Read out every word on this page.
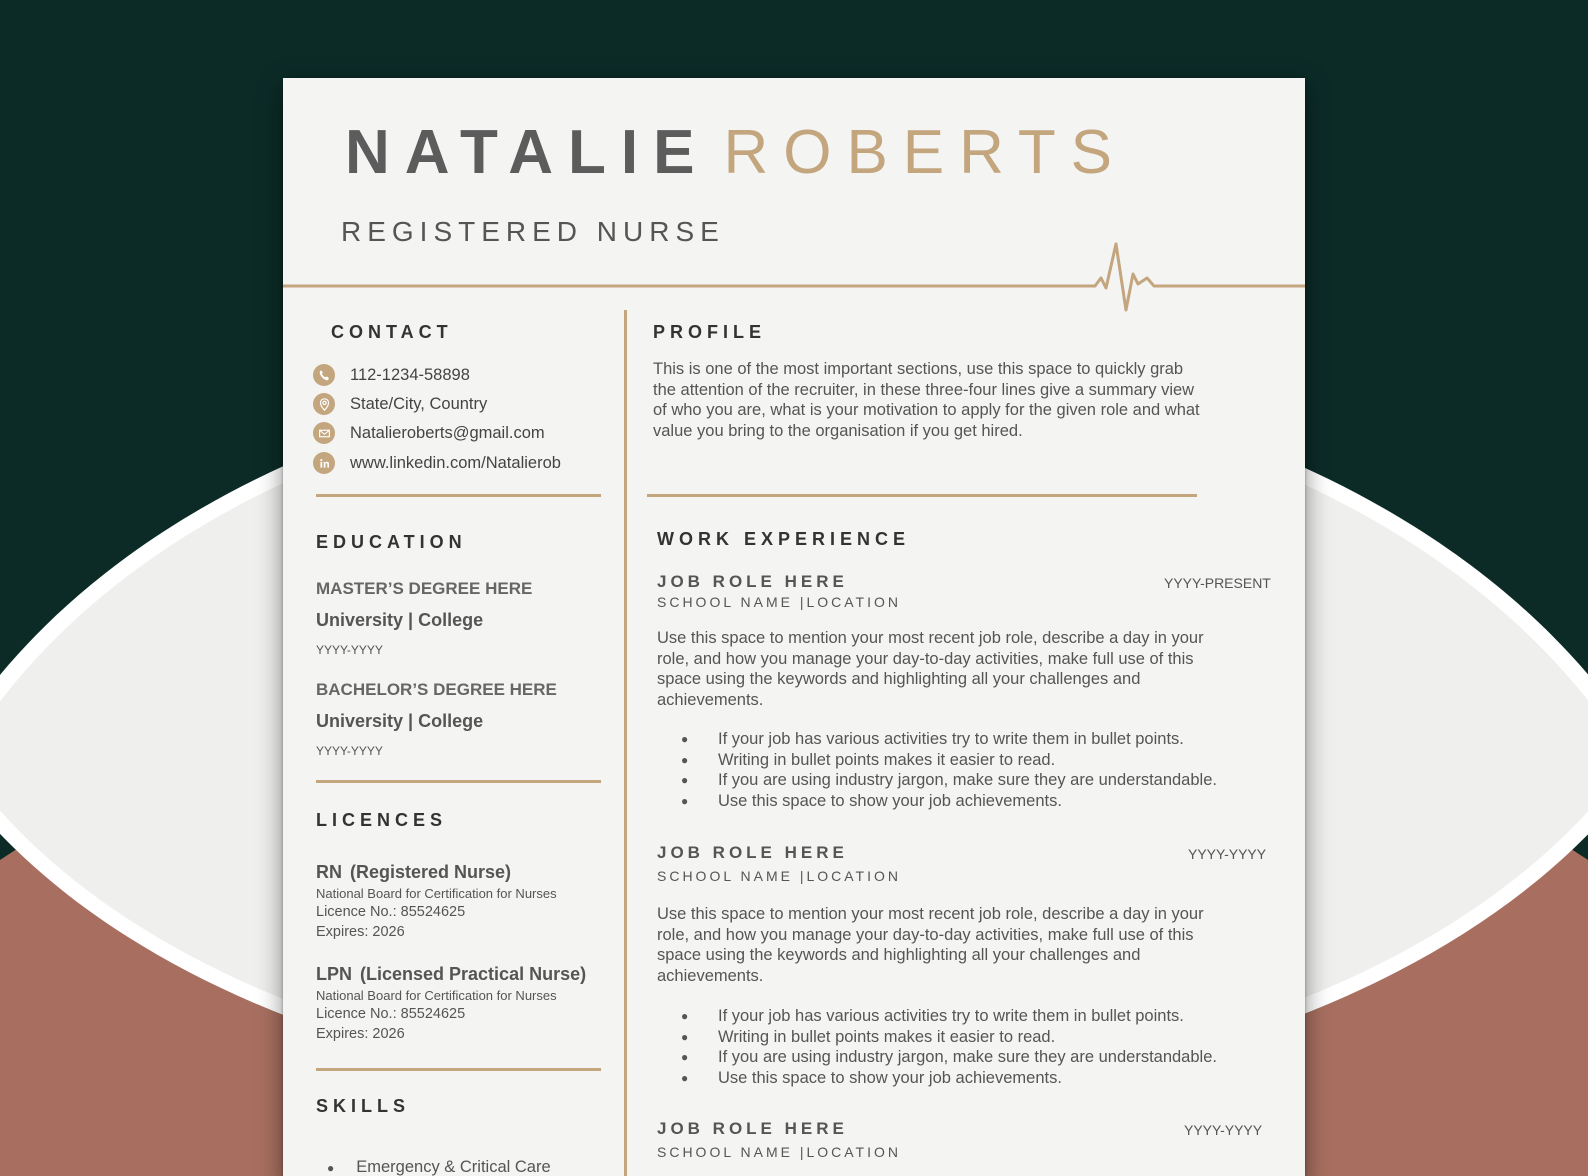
NATALIE ROBERTS
REGISTERED NURSE
CONTACT
112-1234-58898
State/City, Country
Natalieroberts@gmail.com
www.linkedin.com/Natalierob
EDUCATION
MASTER’S DEGREE HERE
University | College
YYYY-YYYY
BACHELOR’S DEGREE HERE
University | College
YYYY-YYYY
LICENCES
RN (Registered Nurse)
National Board for Certification for Nurses
Licence No.: 85524625
Expires: 2026
LPN (Licensed Practical Nurse)
National Board for Certification for Nurses
Licence No.: 85524625
Expires: 2026
SKILLS
● Emergency & Critical Care
PROFILE
This is one of the most important sections, use this space to quickly grab
the attention of the recruiter, in these three-four lines give a summary view
of who you are, what is your motivation to apply for the given role and what
value you bring to the organisation if you get hired.
WORK EXPERIENCE
JOB ROLE HERE	YYYY-PRESENT
SCHOOL NAME |LOCATION
Use this space to mention your most recent job role, describe a day in your
role, and how you manage your day-to-day activities, make full use of this
space using the keywords and highlighting all your challenges and
achievements.
● If your job has various activities try to write them in bullet points.
● Writing in bullet points makes it easier to read.
● If you are using industry jargon, make sure they are understandable.
● Use this space to show your job achievements.
JOB ROLE HERE	YYYY-YYYY
SCHOOL NAME |LOCATION
Use this space to mention your most recent job role, describe a day in your
role, and how you manage your day-to-day activities, make full use of this
space using the keywords and highlighting all your challenges and
achievements.
● If your job has various activities try to write them in bullet points.
● Writing in bullet points makes it easier to read.
● If you are using industry jargon, make sure they are understandable.
● Use this space to show your job achievements.
JOB ROLE HERE	YYYY-YYYY
SCHOOL NAME |LOCATION
